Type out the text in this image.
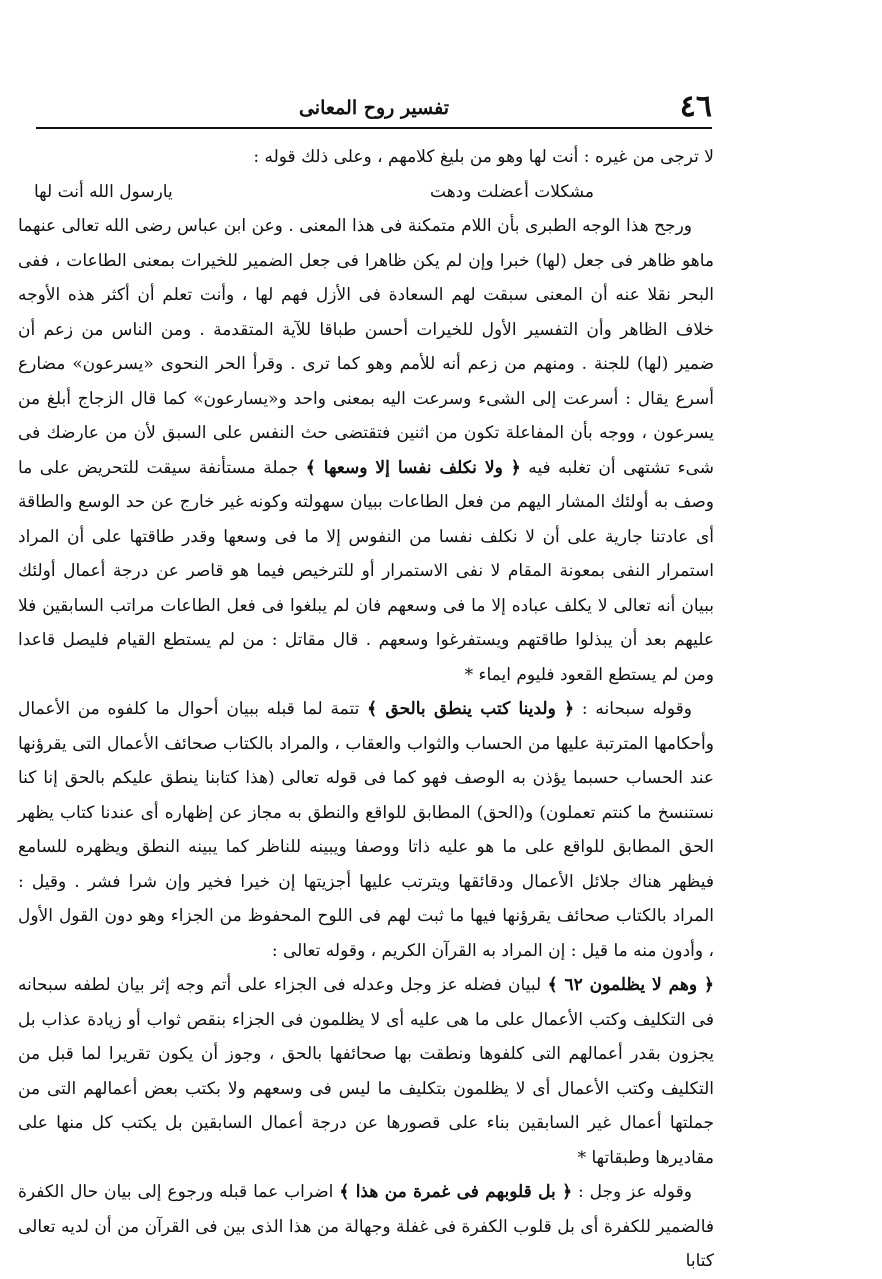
٤٦
تفسير روح المعانى

لا ترجى من غيره : أنت لها وهو من بليغ كلامهم ، وعلى ذلك قوله :

مشكلات أعضلت ودهت
يارسول الله أنت لها

ورجح هذا الوجه الطبرى بأن اللام متمكنة فى هذا المعنى . وعن ابن عباس رضى الله تعالى عنهما ماهو ظاهر فى جعل (لها) خبرا وإن لم يكن ظاهرا فى جعل الضمير للخيرات بمعنى الطاعات ، ففى البحر نقلا عنه أن المعنى سبقت لهم السعادة فى الأزل فهم لها ، وأنت تعلم أن أكثر هذه الأوجه خلاف الظاهر وأن التفسير الأول للخيرات أحسن طباقا للآية المتقدمة . ومن الناس من زعم أن ضمير (لها) للجنة . ومنهم من زعم أنه للأمم وهو كما ترى . وقرأ الحر النحوى «يسرعون» مضارع أسرع يقال : أسرعت إلى الشىء وسرعت اليه بمعنى واحد و«يسارعون» كما قال الزجاج أبلغ من يسرعون ، ووجه بأن المفاعلة تكون من اثنين فتقتضى حث النفس على السبق لأن من عارضك فى شىء تشتهى أن تغلبه فيه ﴿ ولا نكلف نفسا إلا وسعها ﴾ جملة مستأنفة سيقت للتحريض على ما وصف به أولئك المشار اليهم من فعل الطاعات ببيان سهولته وكونه غير خارج عن حد الوسع والطاقة أى عادتنا جارية على أن لا نكلف نفسا من النفوس إلا ما فى وسعها وقدر طاقتها على أن المراد استمرار النفى بمعونة المقام لا نفى الاستمرار أو للترخيص فيما هو قاصر عن درجة أعمال أولئك ببيان أنه تعالى لا يكلف عباده إلا ما فى وسعهم فان لم يبلغوا فى فعل الطاعات مراتب السابقين فلا عليهم بعد أن يبذلوا طاقتهم ويستفرغوا وسعهم . قال مقاتل : من لم يستطع القيام فليصل قاعدا ومن لم يستطع القعود فليوم ايماء *

وقوله سبحانه : ﴿ ولدينا كتب ينطق بالحق ﴾ تتمة لما قبله ببيان أحوال ما كلفوه من الأعمال وأحكامها المترتبة عليها من الحساب والثواب والعقاب ، والمراد بالكتاب صحائف الأعمال التى يقرؤنها عند الحساب حسبما يؤذن به الوصف فهو كما فى قوله تعالى (هذا كتابنا ينطق عليكم بالحق إنا كنا نستنسخ ما كنتم تعملون) و(الحق) المطابق للواقع والنطق به مجاز عن إظهاره أى عندنا كتاب يظهر الحق المطابق للواقع على ما هو عليه ذاتا ووصفا ويبينه للناظر كما يبينه النطق ويظهره للسامع فيظهر هناك جلائل الأعمال ودقائقها ويترتب عليها أجزيتها إن خيرا فخير وإن شرا فشر . وقيل : المراد بالكتاب صحائف يقرؤنها فيها ما ثبت لهم فى اللوح المحفوظ من الجزاء وهو دون القول الأول ، وأدون منه ما قيل : إن المراد به القرآن الكريم ، وقوله تعالى :

﴿ وهم لا يظلمون ٦٢ ﴾ لبيان فضله عز وجل وعدله فى الجزاء على أتم وجه إثر بيان لطفه سبحانه فى التكليف وكتب الأعمال على ما هى عليه أى لا يظلمون فى الجزاء بنقص ثواب أو زيادة عذاب بل يجزون بقدر أعمالهم التى كلفوها ونطقت بها صحائفها بالحق ، وجوز أن يكون تقريرا لما قبل من التكليف وكتب الأعمال أى لا يظلمون بتكليف ما ليس فى وسعهم ولا بكتب بعض أعمالهم التى من جملتها أعمال غير السابقين بناء على قصورها عن درجة أعمال السابقين بل يكتب كل منها على مقاديرها وطبقاتها *

وقوله عز وجل : ﴿ بل قلوبهم فى غمرة من هذا ﴾ اضراب عما قبله ورجوع إلى بيان حال الكفرة فالضمير للكفرة أى بل قلوب الكفرة فى غفلة وجهالة من هذا الذى بين فى القرآن من أن لديه تعالى كتابا
